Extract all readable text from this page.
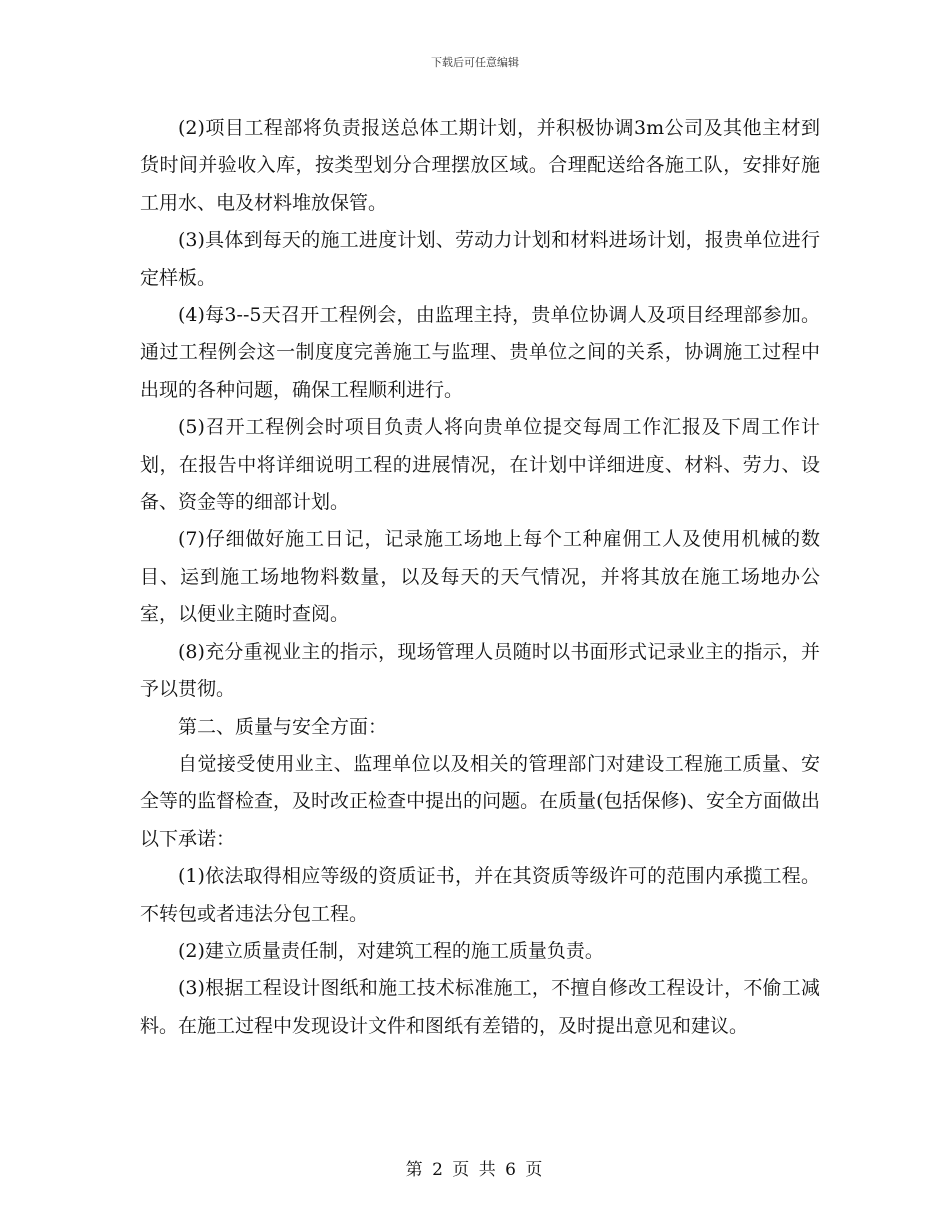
下载后可任意编辑

(2)项目工程部将负责报送总体工期计划，并积极协调3m公司及其他主材到货时间并验收入库，按类型划分合理摆放区域。合理配送给各施工队，安排好施工用水、电及材料堆放保管。

(3)具体到每天的施工进度计划、劳动力计划和材料进场计划，报贵单位进行定样板。

(4)每3--5天召开工程例会，由监理主持，贵单位协调人及项目经理部参加。通过工程例会这一制度度完善施工与监理、贵单位之间的关系，协调施工过程中出现的各种问题，确保工程顺利进行。

(5)召开工程例会时项目负责人将向贵单位提交每周工作汇报及下周工作计划，在报告中将详细说明工程的进展情况，在计划中详细进度、材料、劳力、设备、资金等的细部计划。

(7)仔细做好施工日记，记录施工场地上每个工种雇佣工人及使用机械的数目、运到施工场地物料数量，以及每天的天气情况，并将其放在施工场地办公室，以便业主随时查阅。

(8)充分重视业主的指示，现场管理人员随时以书面形式记录业主的指示，并予以贯彻。

第二、质量与安全方面：

自觉接受使用业主、监理单位以及相关的管理部门对建设工程施工质量、安全等的监督检查，及时改正检查中提出的问题。在质量(包括保修)、安全方面做出以下承诺：

(1)依法取得相应等级的资质证书，并在其资质等级许可的范围内承揽工程。不转包或者违法分包工程。

(2)建立质量责任制，对建筑工程的施工质量负责。

(3)根据工程设计图纸和施工技术标准施工，不擅自修改工程设计，不偷工减料。在施工过程中发现设计文件和图纸有差错的，及时提出意见和建议。

第 2 页 共 6 页
